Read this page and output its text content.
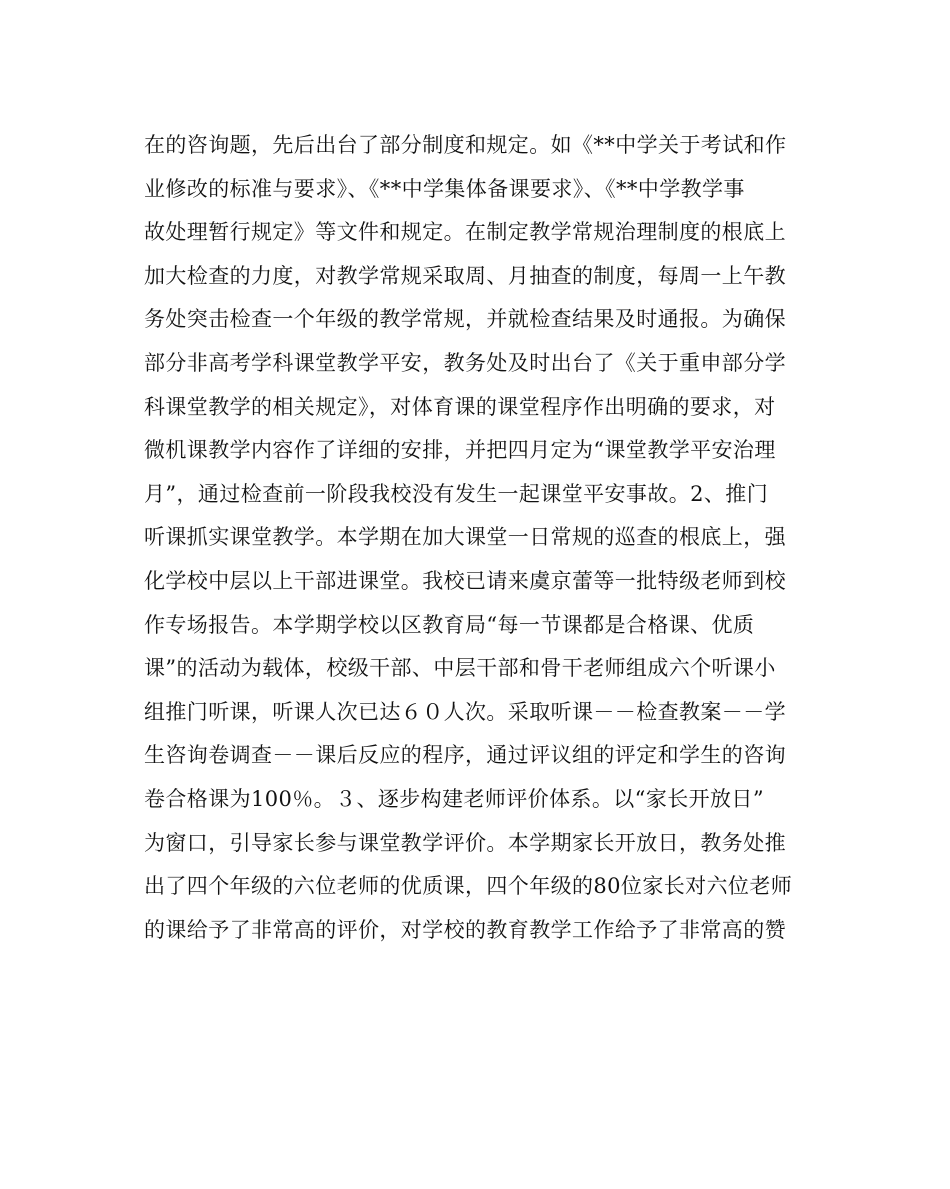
在的咨询题，先后出台了部分制度和规定。如《**中学关于考试和作
业修改的标准与要求》、《**中学集体备课要求》、《**中学教学事
故处理暂行规定》等文件和规定。在制定教学常规治理制度的根底上
加大检查的力度，对教学常规采取周、月抽查的制度，每周一上午教
务处突击检查一个年级的教学常规，并就检查结果及时通报。为确保
部分非高考学科课堂教学平安，教务处及时出台了《关于重申部分学
科课堂教学的相关规定》，对体育课的课堂程序作出明确的要求，对
微机课教学内容作了详细的安排，并把四月定为“课堂教学平安治理
月”，通过检查前一阶段我校没有发生一起课堂平安事故。2、推门
听课抓实课堂教学。本学期在加大课堂一日常规的巡查的根底上，强
化学校中层以上干部进课堂。我校已请来虞京蕾等一批特级老师到校
作专场报告。本学期学校以区教育局“每一节课都是合格课、优质
课”的活动为载体，校级干部、中层干部和骨干老师组成六个听课小
组推门听课，听课人次已达６０人次。采取听课－－检查教案－－学
生咨询卷调查－－课后反应的程序，通过评议组的评定和学生的咨询
卷合格课为100％。３、逐步构建老师评价体系。以“家长开放日”
为窗口，引导家长参与课堂教学评价。本学期家长开放日，教务处推
出了四个年级的六位老师的优质课，四个年级的80位家长对六位老师
的课给予了非常高的评价，对学校的教育教学工作给予了非常高的赞
